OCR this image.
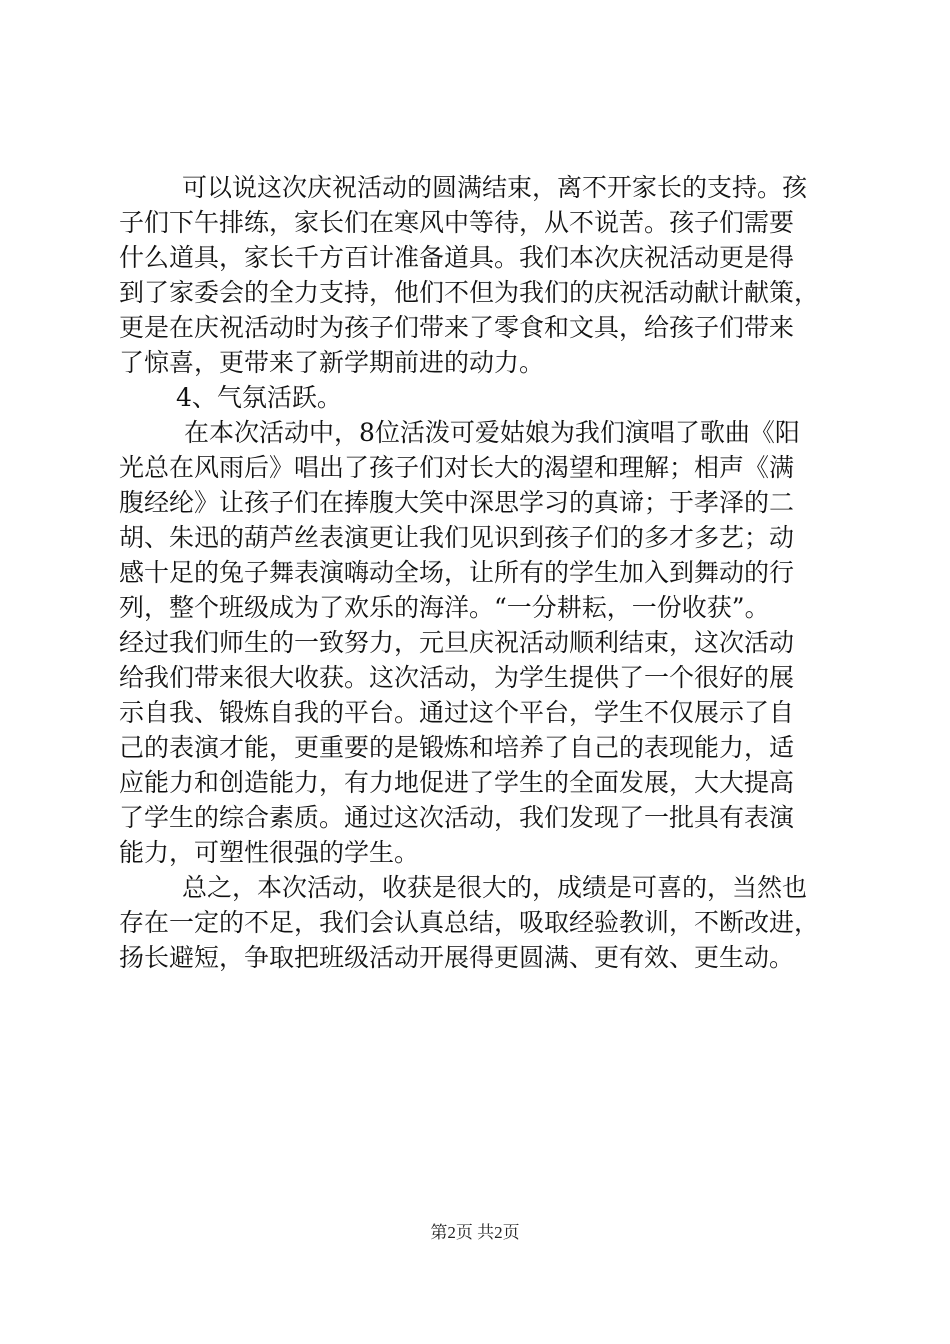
可以说这次庆祝活动的圆满结束，离不开家长的支持。孩
子们下午排练，家长们在寒风中等待，从不说苦。孩子们需要
什么道具，家长千方百计准备道具。我们本次庆祝活动更是得
到了家委会的全力支持，他们不但为我们的庆祝活动献计献策，
更是在庆祝活动时为孩子们带来了零食和文具，给孩子们带来
了惊喜，更带来了新学期前进的动力。
4、气氛活跃。
在本次活动中，8位活泼可爱姑娘为我们演唱了歌曲《阳
光总在风雨后》唱出了孩子们对长大的渴望和理解；相声《满
腹经纶》让孩子们在捧腹大笑中深思学习的真谛；于孝泽的二
胡、朱迅的葫芦丝表演更让我们见识到孩子们的多才多艺；动
感十足的兔子舞表演嗨动全场，让所有的学生加入到舞动的行
列，整个班级成为了欢乐的海洋。“一分耕耘，一份收获”。
经过我们师生的一致努力，元旦庆祝活动顺利结束，这次活动
给我们带来很大收获。这次活动，为学生提供了一个很好的展
示自我、锻炼自我的平台。通过这个平台，学生不仅展示了自
己的表演才能，更重要的是锻炼和培养了自己的表现能力，适
应能力和创造能力，有力地促进了学生的全面发展，大大提高
了学生的综合素质。通过这次活动，我们发现了一批具有表演
能力，可塑性很强的学生。
总之，本次活动，收获是很大的，成绩是可喜的，当然也
存在一定的不足，我们会认真总结，吸取经验教训，不断改进，
扬长避短，争取把班级活动开展得更圆满、更有效、更生动。
第2页 共2页
